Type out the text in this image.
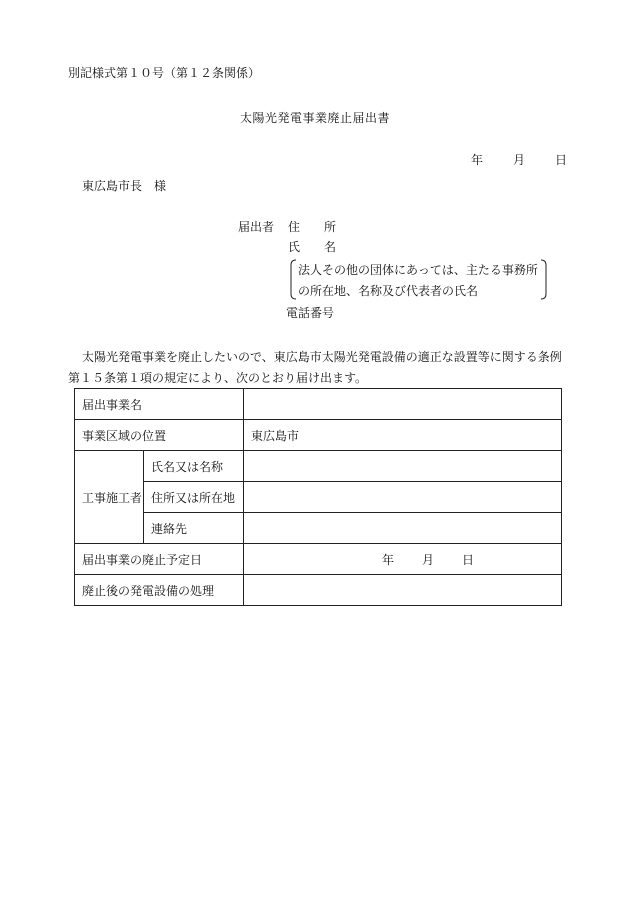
別記様式第１０号（第１２条関係）
太陽光発電事業廃止届出書
年	月	日
東広島市長　様
届出者 住　　所
氏　　名
法人その他の団体にあっては、主たる事務所
の所在地、名称及び代表者の氏名
電話番号
太陽光発電事業を廃止したいので、東広島市太陽光発電設備の適正な設置等に関する条例
第１５条第１項の規定により、次のとおり届け出ます。
届出事業名		
事業区域の位置		東広島市
工事施工者	氏名又は名称	
	住所又は所在地	
	連絡先	
届出事業の廃止予定日		年 月 日
廃止後の発電設備の処理		
